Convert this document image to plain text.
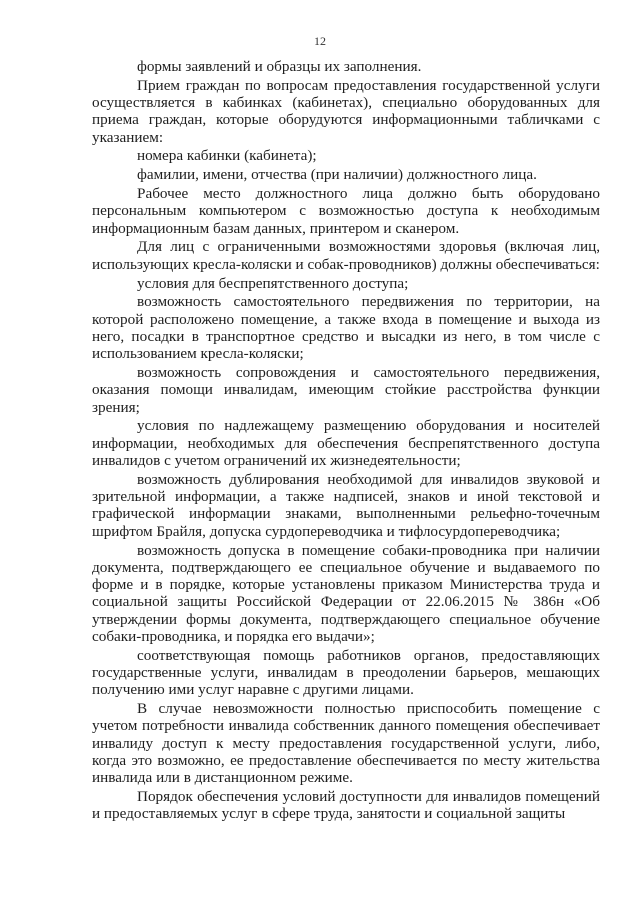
12

формы заявлений и образцы их заполнения.

Прием граждан по вопросам предоставления государственной услуги осуществляется в кабинках (кабинетах), специально оборудованных для приема граждан, которые оборудуются информационными табличками с указанием:

номера кабинки (кабинета);

фамилии, имени, отчества (при наличии) должностного лица.

Рабочее место должностного лица должно быть оборудовано персональным компьютером с возможностью доступа к необходимым информационным базам данных, принтером и сканером.

Для лиц с ограниченными возможностями здоровья (включая лиц, использующих кресла-коляски и собак-проводников) должны обеспечиваться:

условия для беспрепятственного доступа;

возможность самостоятельного передвижения по территории, на которой расположено помещение, а также входа в помещение и выхода из него, посадки в транспортное средство и высадки из него, в том числе с использованием кресла-коляски;

возможность сопровождения и самостоятельного передвижения, оказания помощи инвалидам, имеющим стойкие расстройства функции зрения;

условия по надлежащему размещению оборудования и носителей информации, необходимых для обеспечения беспрепятственного доступа инвалидов с учетом ограничений их жизнедеятельности;

возможность дублирования необходимой для инвалидов звуковой и зрительной информации, а также надписей, знаков и иной текстовой и графической информации знаками, выполненными рельефно-точечным шрифтом Брайля, допуска сурдопереводчика и тифлосурдопереводчика;

возможность допуска в помещение собаки-проводника при наличии документа, подтверждающего ее специальное обучение и выдаваемого по форме и в порядке, которые установлены приказом Министерства труда и социальной защиты Российской Федерации от 22.06.2015 № 386н «Об утверждении формы документа, подтверждающего специальное обучение собаки-проводника, и порядка его выдачи»;

соответствующая помощь работников органов, предоставляющих государственные услуги, инвалидам в преодолении барьеров, мешающих получению ими услуг наравне с другими лицами.

В случае невозможности полностью приспособить помещение с учетом потребности инвалида собственник данного помещения обеспечивает инвалиду доступ к месту предоставления государственной услуги, либо, когда это возможно, ее предоставление обеспечивается по месту жительства инвалида или в дистанционном режиме.

Порядок обеспечения условий доступности для инвалидов помещений и предоставляемых услуг в сфере труда, занятости и социальной защиты
